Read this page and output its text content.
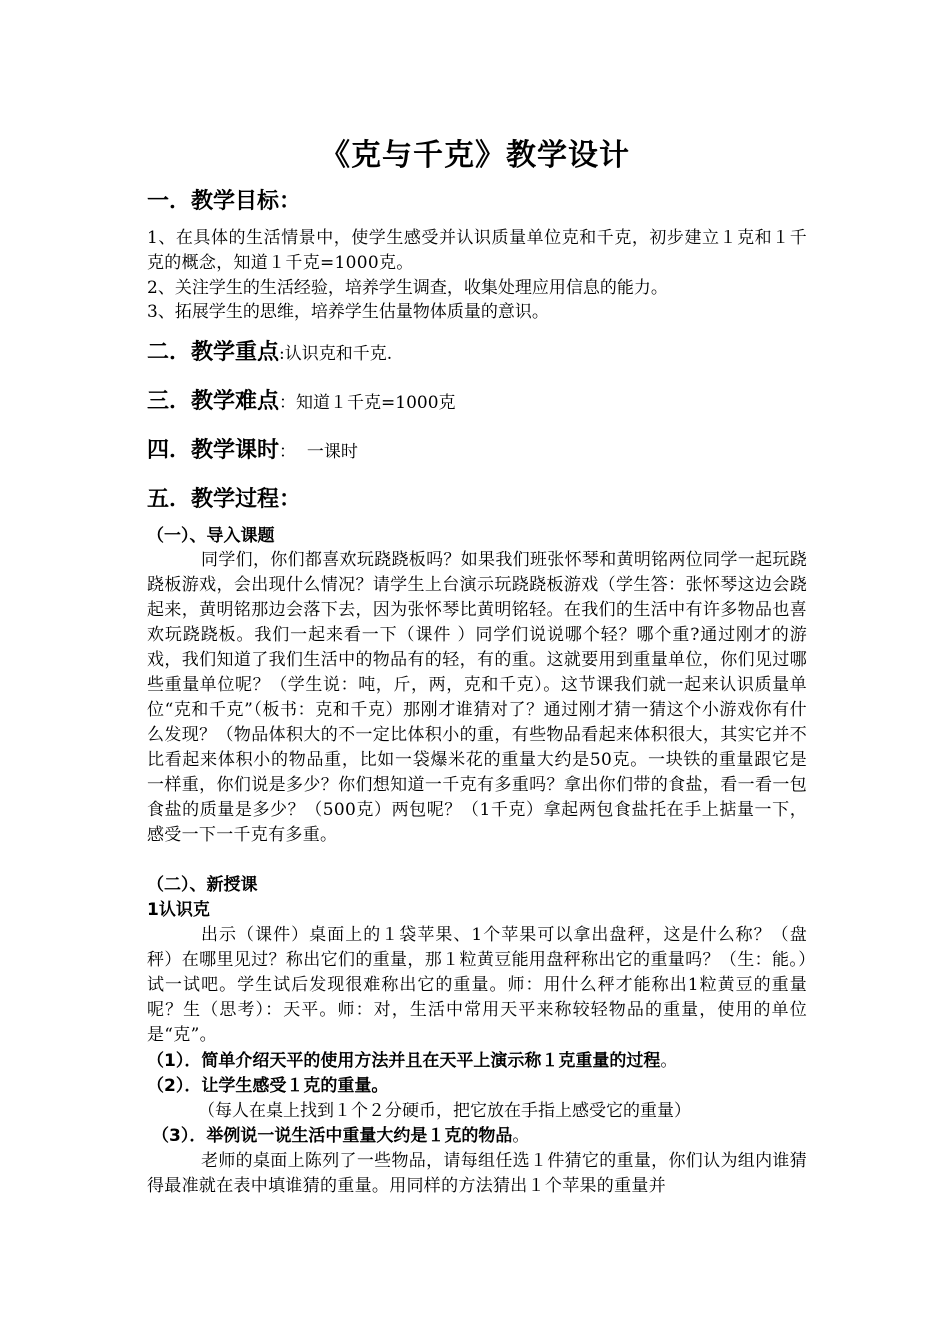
《克与千克》教学设计
一．教学目标：
1、在具体的生活情景中，使学生感受并认识质量单位克和千克，初步建立１克和１千克的概念，知道１千克=1000克。
2、关注学生的生活经验，培养学生调查，收集处理应用信息的能力。
3、拓展学生的思维，培养学生估量物体质量的意识。
二．教学重点:认识克和千克.
三．教学难点：知道１千克=1000克
四．教学课时：  一课时
五．教学过程：
（一）、导入课题
同学们，你们都喜欢玩跷跷板吗？如果我们班张怀琴和黄明铭两位同学一起玩跷跷板游戏，会出现什么情况？请学生上台演示玩跷跷板游戏（学生答：张怀琴这边会跷起来，黄明铭那边会落下去，因为张怀琴比黄明铭轻。在我们的生活中有许多物品也喜欢玩跷跷板。我们一起来看一下（课件 ）同学们说说哪个轻？哪个重?通过刚才的游戏，我们知道了我们生活中的物品有的轻，有的重。这就要用到重量单位，你们见过哪些重量单位呢？（学生说：吨，斤，两，克和千克）。这节课我们就一起来认识质量单位“克和千克”（板书：克和千克）那刚才谁猜对了？通过刚才猜一猜这个小游戏你有什么发现？（物品体积大的不一定比体积小的重，有些物品看起来体积很大，其实它并不比看起来体积小的物品重，比如一袋爆米花的重量大约是50克。一块铁的重量跟它是一样重，你们说是多少？你们想知道一千克有多重吗？拿出你们带的食盐，看一看一包食盐的质量是多少？（500克）两包呢？（1千克）拿起两包食盐托在手上掂量一下，感受一下一千克有多重。
（二）、新授课
1认识克
出示（课件）桌面上的１袋苹果、1个苹果可以拿出盘秤，这是什么称？（盘秤）在哪里见过？称出它们的重量，那１粒黄豆能用盘秤称出它的重量吗？（生：能。）试一试吧。学生试后发现很难称出它的重量。师：用什么秤才能称出1粒黄豆的重量呢？生（思考）：天平。师：对，生活中常用天平来称较轻物品的重量，使用的单位是“克”。
（1）．简单介绍天平的使用方法并且在天平上演示称１克重量的过程。
（2）．让学生感受１克的重量。
（每人在桌上找到１个２分硬币，把它放在手指上感受它的重量）
（3）．举例说一说生活中重量大约是１克的物品。
老师的桌面上陈列了一些物品，请每组任选１件猜它的重量，你们认为组内谁猜得最准就在表中填谁猜的重量。用同样的方法猜出１个苹果的重量并
